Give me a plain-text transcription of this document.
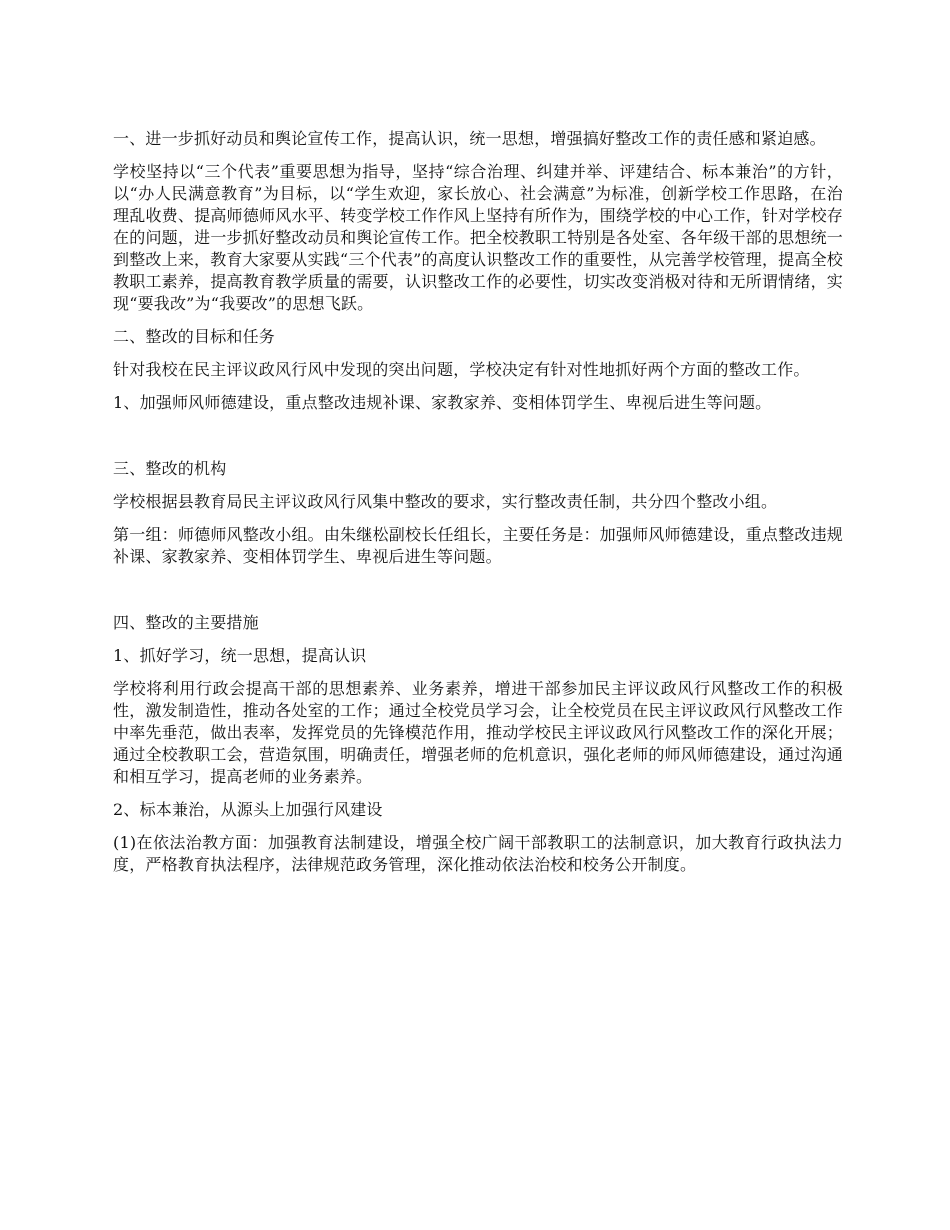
一、进一步抓好动员和舆论宣传工作，提高认识，统一思想，增强搞好整改工作的责任感和紧迫感。

学校坚持以“三个代表”重要思想为指导，坚持“综合治理、纠建并举、评建结合、标本兼治”的方针，以“办人民满意教育”为目标，以“学生欢迎，家长放心、社会满意”为标准，创新学校工作思路，在治理乱收费、提高师德师风水平、转变学校工作作风上坚持有所作为，围绕学校的中心工作，针对学校存在的问题，进一步抓好整改动员和舆论宣传工作。把全校教职工特别是各处室、各年级干部的思想统一到整改上来，教育大家要从实践“三个代表”的高度认识整改工作的重要性，从完善学校管理，提高全校教职工素养，提高教育教学质量的需要，认识整改工作的必要性，切实改变消极对待和无所谓情绪，实现“要我改”为“我要改”的思想飞跃。

二、整改的目标和任务

针对我校在民主评议政风行风中发现的突出问题，学校决定有针对性地抓好两个方面的整改工作。

1、加强师风师德建设，重点整改违规补课、家教家养、变相体罚学生、卑视后进生等问题。

三、整改的机构

学校根据县教育局民主评议政风行风集中整改的要求，实行整改责任制，共分四个整改小组。

第一组：师德师风整改小组。由朱继松副校长任组长，主要任务是：加强师风师德建设，重点整改违规补课、家教家养、变相体罚学生、卑视后进生等问题。

四、整改的主要措施

1、抓好学习，统一思想，提高认识

学校将利用行政会提高干部的思想素养、业务素养，增进干部参加民主评议政风行风整改工作的积极性，激发制造性，推动各处室的工作；通过全校党员学习会，让全校党员在民主评议政风行风整改工作中率先垂范，做出表率，发挥党员的先锋模范作用，推动学校民主评议政风行风整改工作的深化开展；通过全校教职工会，营造氛围，明确责任，增强老师的危机意识，强化老师的师风师德建设，通过沟通和相互学习，提高老师的业务素养。

2、标本兼治，从源头上加强行风建设

(1)在依法治教方面：加强教育法制建设，增强全校广阔干部教职工的法制意识，加大教育行政执法力度，严格教育执法程序，法律规范政务管理，深化推动依法治校和校务公开制度。
